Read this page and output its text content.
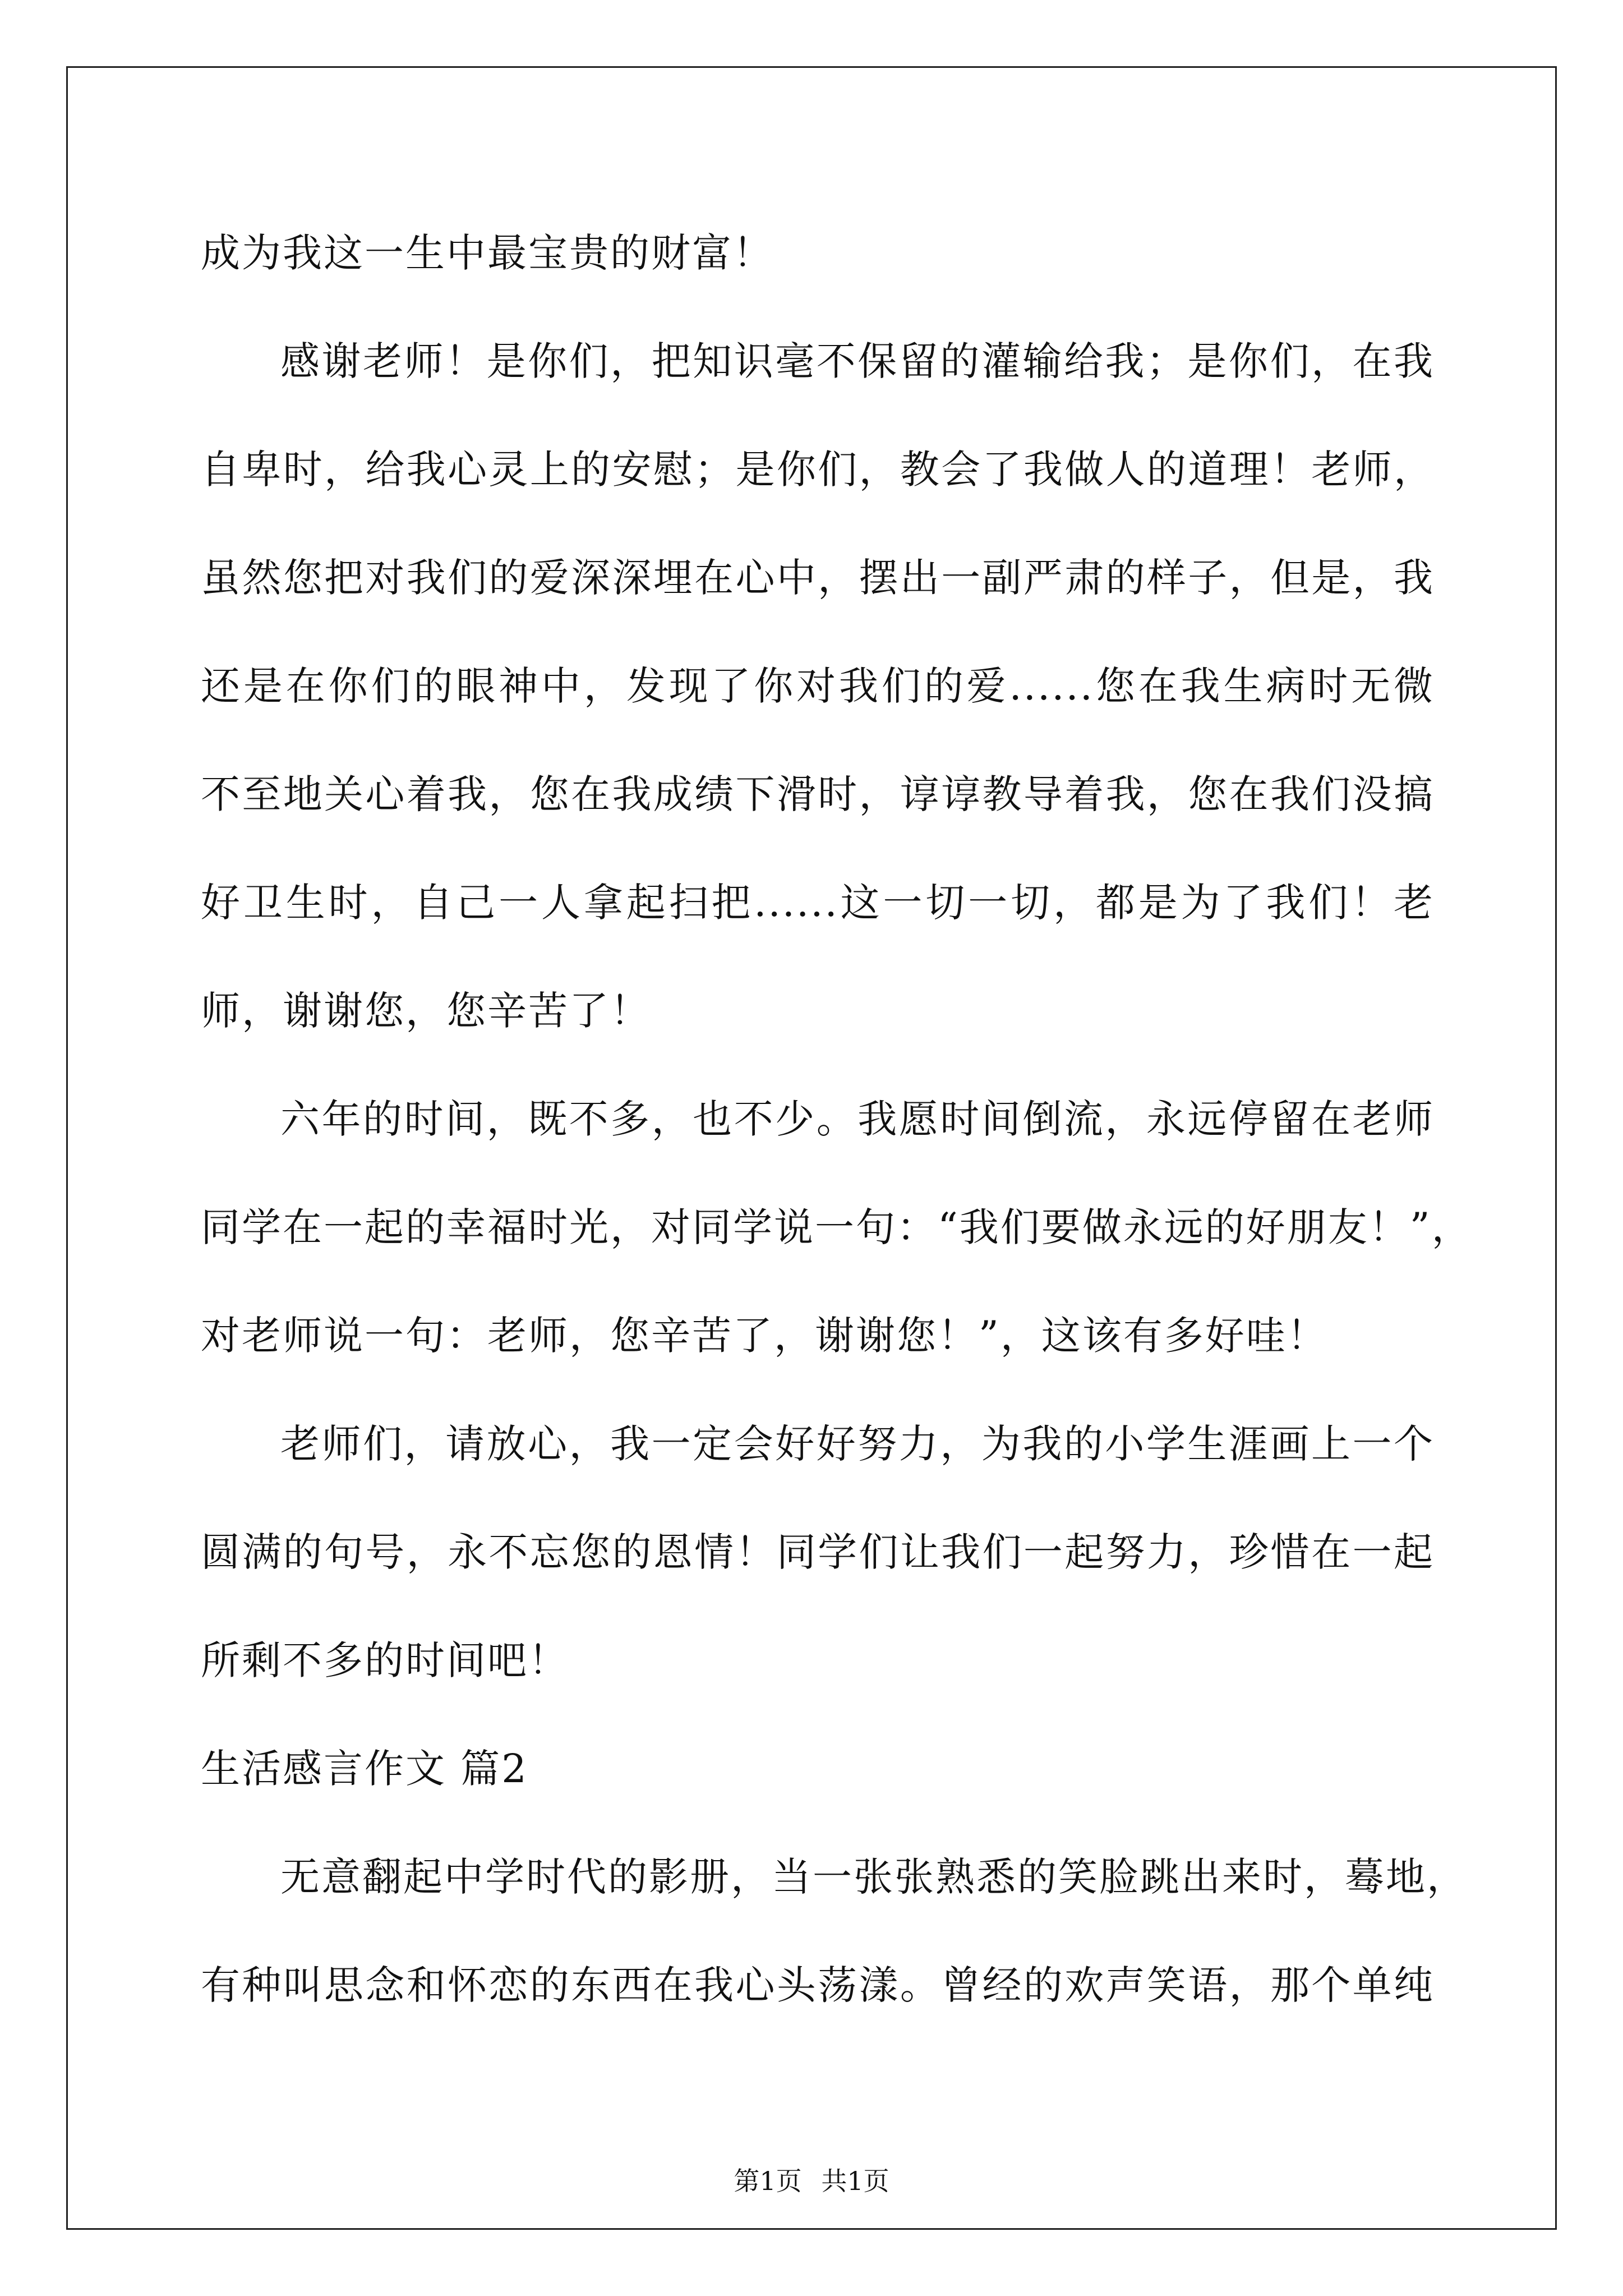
成为我这一生中最宝贵的财富！
感谢老师！是你们，把知识毫不保留的灌输给我；是你们，在我
自卑时，给我心灵上的安慰；是你们，教会了我做人的道理！老师，
虽然您把对我们的爱深深埋在心中，摆出一副严肃的样子，但是，我
还是在你们的眼神中，发现了你对我们的爱......您在我生病时无微
不至地关心着我，您在我成绩下滑时，谆谆教导着我，您在我们没搞
好卫生时，自己一人拿起扫把......这一切一切，都是为了我们！老
师，谢谢您，您辛苦了！
六年的时间，既不多，也不少。我愿时间倒流，永远停留在老师
同学在一起的幸福时光，对同学说一句：“我们要做永远的好朋友！”，
对老师说一句：老师，您辛苦了，谢谢您！”，这该有多好哇！
老师们，请放心，我一定会好好努力，为我的小学生涯画上一个
圆满的句号，永不忘您的恩情！同学们让我们一起努力，珍惜在一起
所剩不多的时间吧！
生活感言作文 篇2
无意翻起中学时代的影册，当一张张熟悉的笑脸跳出来时，蓦地，
有种叫思念和怀恋的东西在我心头荡漾。曾经的欢声笑语，那个单纯
第1页 共1页
